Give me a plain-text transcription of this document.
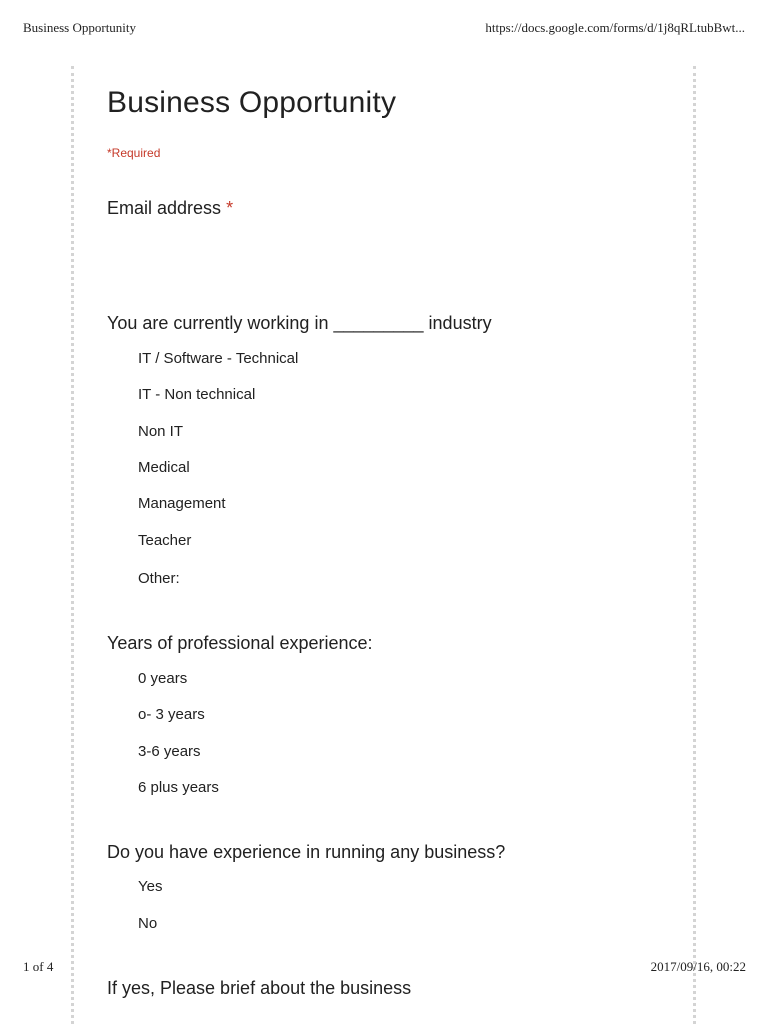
Business Opportunity	https://docs.google.com/forms/d/1j8qRLtubBwt...
Business Opportunity
*Required
Email address *
You are currently working in _________ industry
IT / Software - Technical
IT - Non technical
Non IT
Medical
Management
Teacher
Other:
Years of professional experience:
0 years
o- 3 years
3-6 years
6 plus years
Do you have experience in running any business?
Yes
No
If yes, Please brief about the business
1 of 4	2017/09/16, 00:22
